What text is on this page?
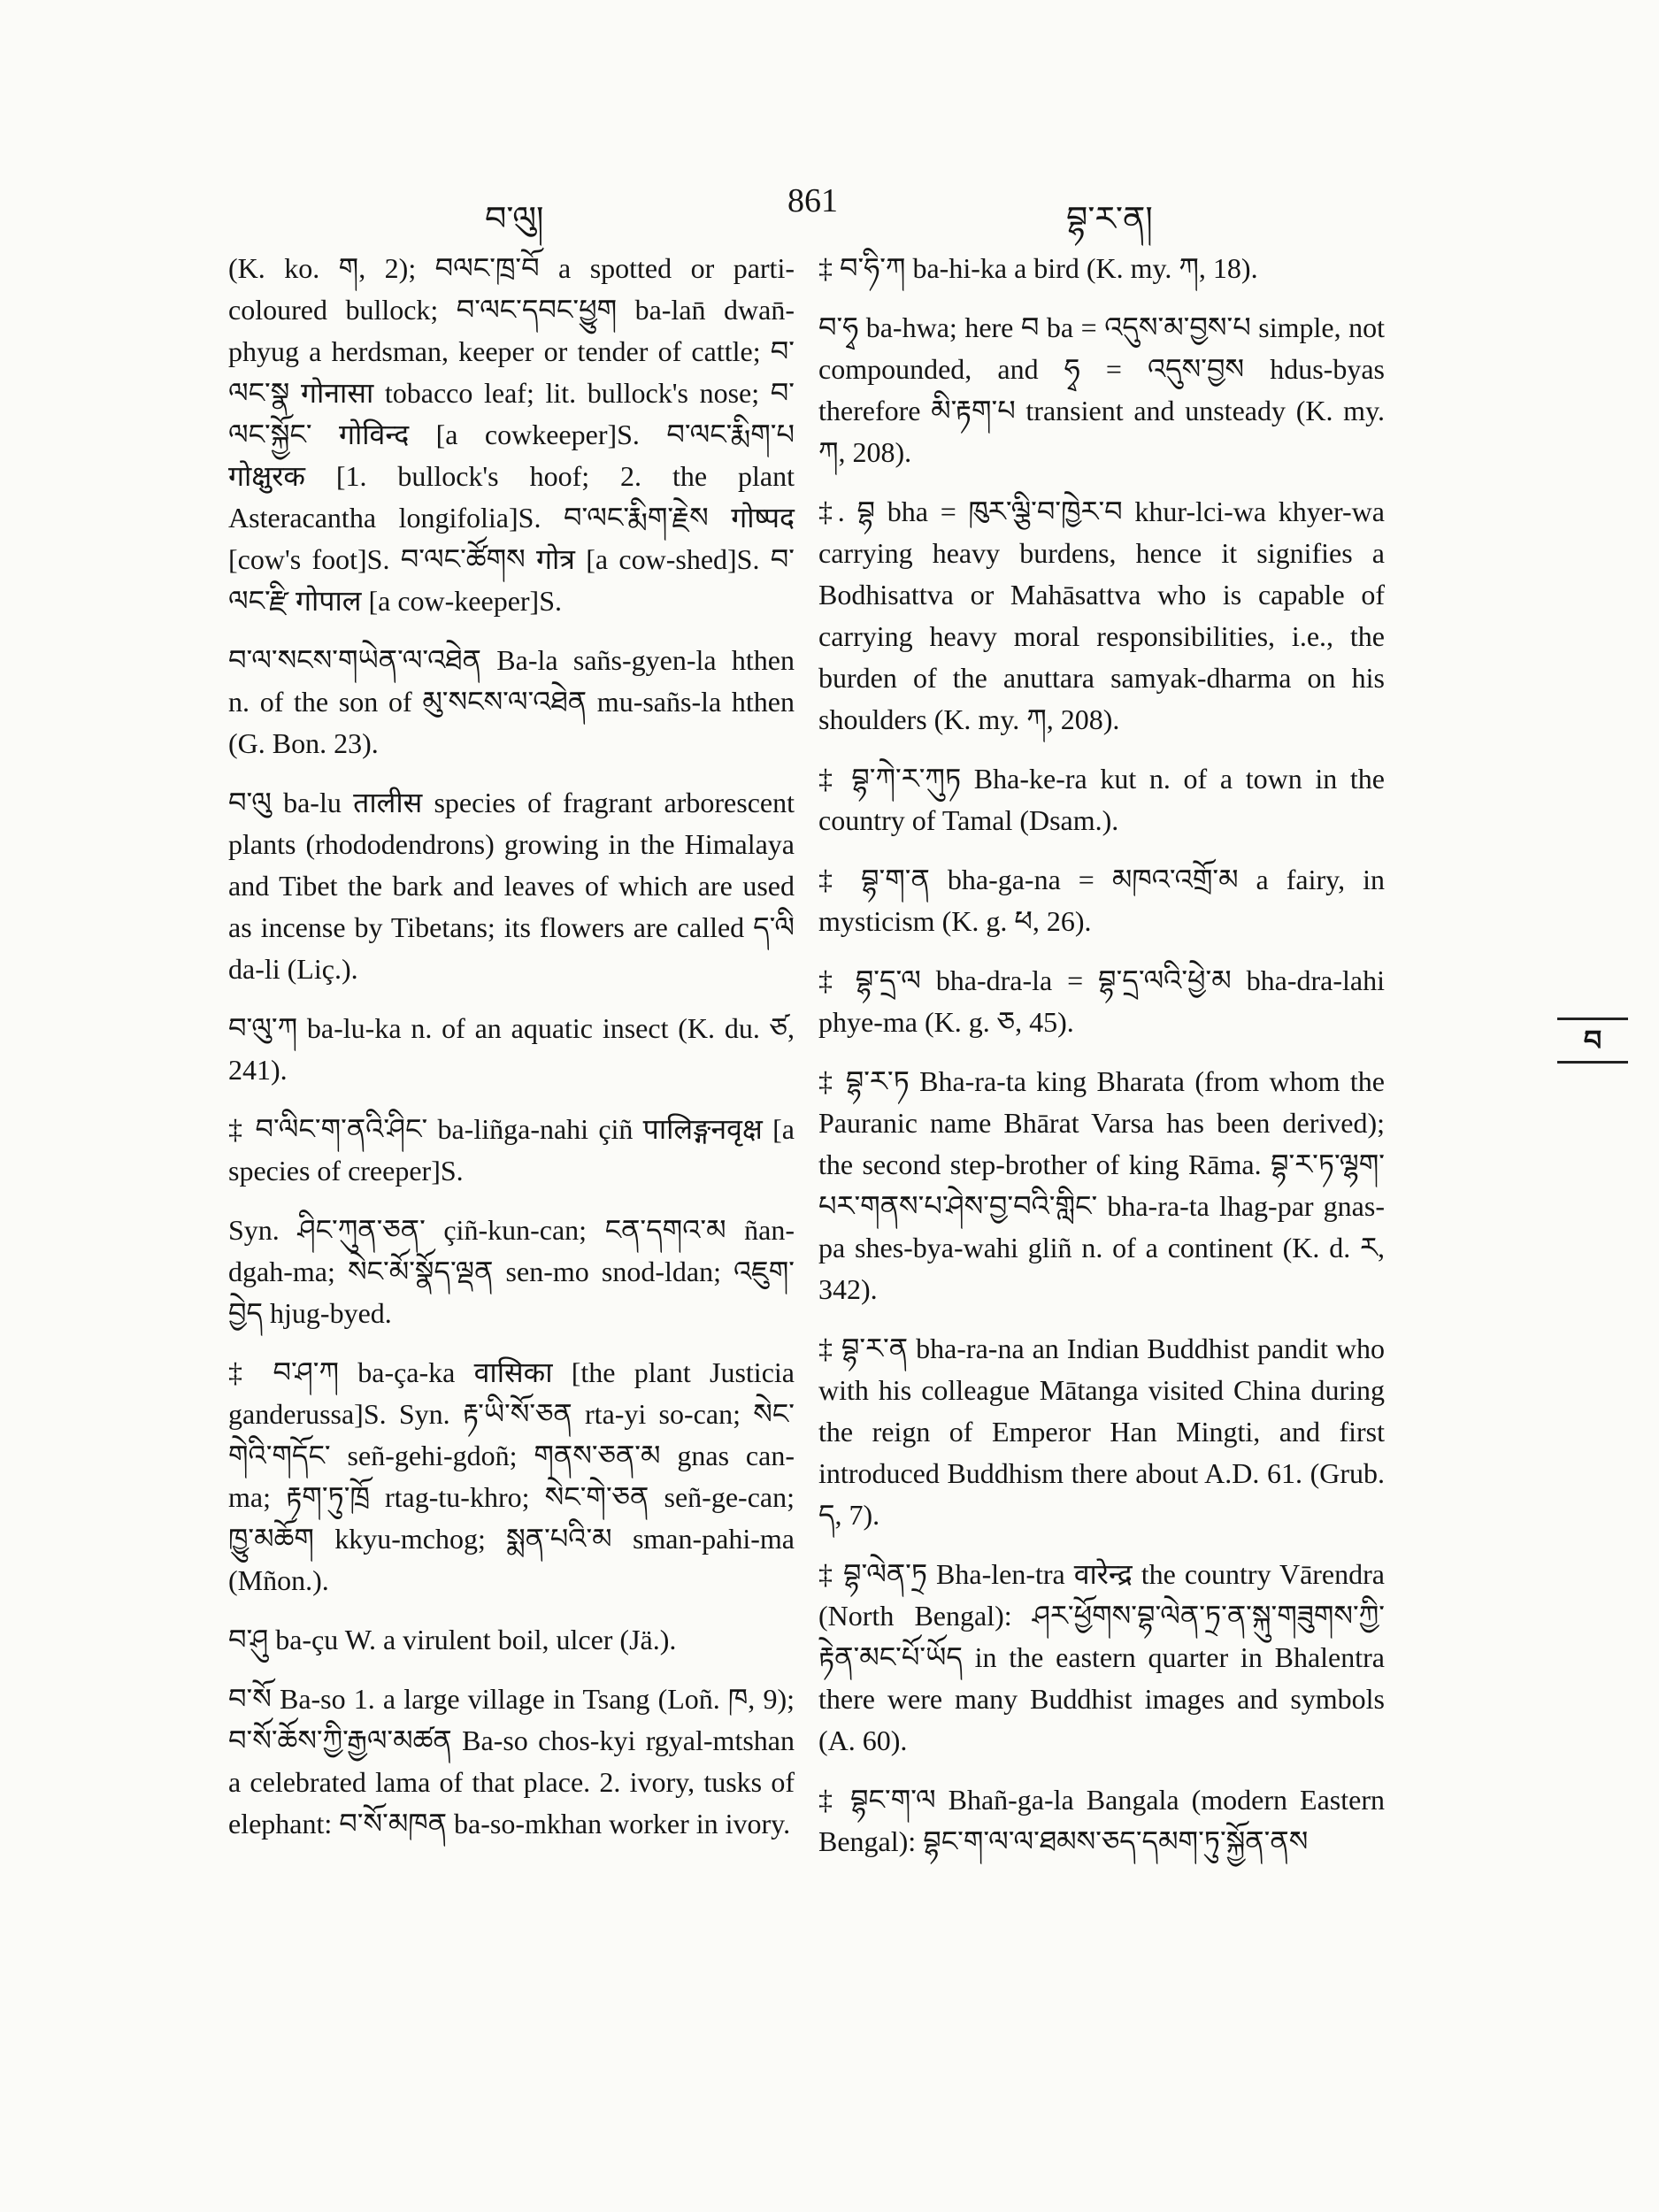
བ་ལུ།	861	བྷ་ར་ན།

(K. ko. ག, 2); བལང་ཁྲ་བོ a spotted or parti-coloured bullock; བ་ལང་དབང་ཕྱུག ba-lan̄ dwan̄-phyug a herdsman, keeper or tender of cattle; བ་ལང་སྣ गोनासा tobacco leaf; lit. bullock's nose; བ་ལང་སྐྱོང་ गोविन्द [a cowkeeper]S. བ་ལང་རྨིག་པ गोक्षुरक [1. bullock's hoof; 2. the plant Asteracantha longifolia]S. བ་ལང་རྨིག་རྗེས गोष्पद [cow's foot]S. བ་ལང་ཚོགས गोत्र [a cow-shed]S. བ་ལང་རྫི गोपाल [a cow-keeper]S.

བ་ལ་སངས་གཡེན་ལ་འཐེན Ba-la sañs-gyen-la hthen n. of the son of མུ་སངས་ལ་འཐེན mu-sañs-la hthen (G. Bon. 23).

བ་ལུ ba-lu तालीस species of fragrant arborescent plants (rhododendrons) growing in the Himalaya and Tibet the bark and leaves of which are used as incense by Tibetans; its flowers are called ད་ལི da-li (Liç.).

བ་ལུ་ཀ ba-lu-ka n. of an aquatic insect (K. du. ཙ, 241).

‡ བ་ལིང་ག་ནའི་ཤིང་ ba-liñga-nahi çiñ पालिङ्गनवृक्ष [a species of creeper]S.

Syn. ཤིང་ཀུན་ཅན་ çiñ-kun-can; ངན་དགའ་མ ñan-dgah-ma; སེང་མོ་སྣོད་ལྡན sen-mo snod-ldan; འཇུག་བྱེད hjug-byed.

‡ བ་ཤ་ཀ ba-ça-ka वासिका [the plant Justicia ganderussa]S. Syn. རྟ་ཡི་སོ་ཅན rta-yi so-can; སེང་གེའི་གདོང་ señ-gehi-gdoñ; གནས་ཅན་མ gnas can-ma; རྟག་ཏུ་ཁྲོ rtag-tu-khro; སེང་གེ་ཅན señ-ge-can; ཁྱུ་མཆོག kkyu-mchog; སྨན་པའི་མ sman-pahi-ma (Mñon.).

བ་ཤུ ba-çu W. a virulent boil, ulcer (Jä.).

བ་སོ Ba-so 1. a large village in Tsang (Loñ. ཁ, 9); བ་སོ་ཆོས་ཀྱི་རྒྱལ་མཚན Ba-so chos-kyi rgyal-mtshan a celebrated lama of that place. 2. ivory, tusks of elephant: བ་སོ་མཁན ba-so-mkhan worker in ivory.

‡ བ་ཧི་ཀ ba-hi-ka a bird (K. my. ཀ, 18).

བ་ཧྭ ba-hwa; here བ ba = འདུས་མ་བྱས་པ simple, not compounded, and ཧྭ = འདུས་བྱས hdus-byas therefore མི་རྟག་པ transient and unsteady (K. my. ཀ, 208).

‡. བྷ bha = ཁུར་ལྕི་བ་ཁྱེར་བ khur-lci-wa khyer-wa carrying heavy burdens, hence it signifies a Bodhisattva or Mahāsattva who is capable of carrying heavy moral responsibilities, i.e., the burden of the anuttara samyak-dharma on his shoulders (K. my. ཀ, 208).

‡ བྷ་ཀེ་ར་ཀུཏ Bha-ke-ra kut n. of a town in the country of Tamal (Dsam.).

‡ བྷ་ག་ན bha-ga-na = མཁའ་འགྲོ་མ a fairy, in mysticism (K. g. ཕ, 26).

‡ བྷ་དྲ་ལ bha-dra-la = བྷ་དྲ་ལའི་ཕྱེ་མ bha-dra-lahi phye-ma (K. g. ཅ, 45).

‡ བྷ་ར་ཏ Bha-ra-ta king Bharata (from whom the Pauranic name Bhārat Varsa has been derived); the second step-brother of king Rāma. བྷ་ར་ཏ་ལྷག་པར་གནས་པ་ཤེས་བྱ་བའི་གླིང་ bha-ra-ta lhag-par gnas-pa shes-bya-wahi gliñ n. of a continent (K. d. ར, 342).

‡ བྷ་ར་ན bha-ra-na an Indian Buddhist pandit who with his colleague Mātanga visited China during the reign of Emperor Han Mingti, and first introduced Buddhism there about A.D. 61. (Grub. ད, 7).

‡ བྷ་ལེན་ཏྲ Bha-len-tra वारेन्द्र the country Vārendra (North Bengal): ཤར་ཕྱོགས་བྷ་ལེན་ཏྲ་ན་སྐུ་གཟུགས་ཀྱི་རྟེན་མང་པོ་ཡོད in the eastern quarter in Bhalentra there were many Buddhist images and symbols (A. 60).

‡ བྷང་ག་ལ Bhañ-ga-la Bangala (modern Eastern Bengal): བྷང་ག་ལ་ལ་ཐམས་ཅད་དམག་ཏུ་སྐྱོན་ནས

བ
